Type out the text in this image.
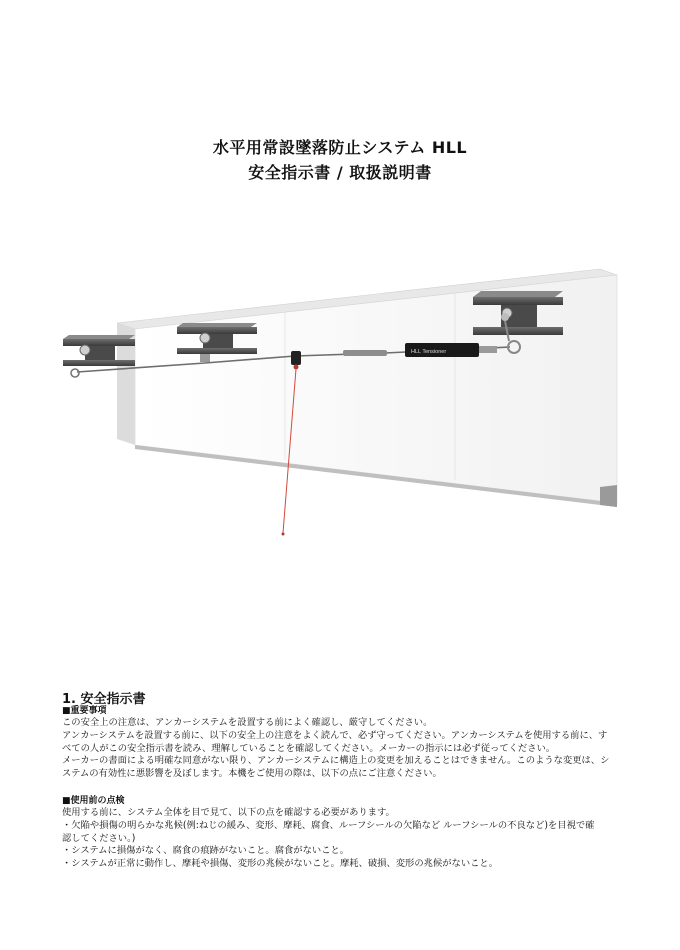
水平用常設墜落防止システム HLL
安全指示書 / 取扱説明書
HLL Tensioner
1. 安全指示書
■重要事項

この安全上の注意は、アンカーシステムを設置する前によく確認し、厳守してください。

アンカーシステムを設置する前に、以下の安全上の注意をよく読んで、必ず守ってください。アンカーシステムを使用する前に、す

べての人がこの安全指示書を読み、理解していることを確認してください。メーカーの指示には必ず従ってください。

メーカーの書面による明確な同意がない限り、アンカーシステムに構造上の変更を加えることはできません。このような変更は、シ

ステムの有効性に悪影響を及ぼします。本機をご使用の際は、以下の点にご注意ください。

■使用前の点検

使用する前に、システム全体を目で見て、以下の点を確認する必要があります。

・欠陥や損傷の明らかな兆候(例:ねじの緩み、変形、摩耗、腐食、ルーフシールの欠陥など ルーフシールの不良など)を目視で確

認してください。)

・システムに損傷がなく、腐食の痕跡がないこと。腐食がないこと。

・システムが正常に動作し、摩耗や損傷、変形の兆候がないこと。摩耗、破損、変形の兆候がないこと。
